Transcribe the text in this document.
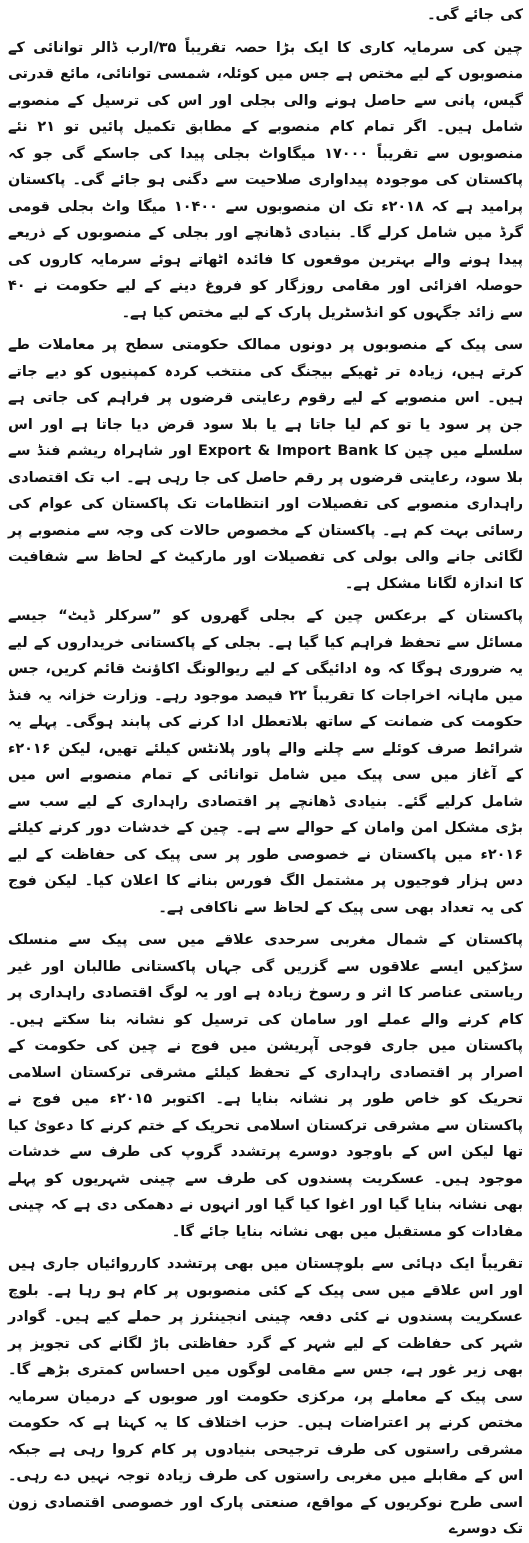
کی جائے گی۔

چین کی سرمایہ کاری کا ایک بڑا حصہ تقریباً ۳۵/ارب ڈالر توانائی کے منصوبوں کے لیے مختص ہے جس میں کوئلہ، شمسی توانائی، مائع قدرتی گیس، پانی سے حاصل ہونے والی بجلی اور اس کی ترسیل کے منصوبے شامل ہیں۔ اگر تمام کام منصوبے کے مطابق تکمیل پائیں تو ۲۱ نئے منصوبوں سے تقریباً ۱۷۰۰۰ میگاواٹ بجلی پیدا کی جاسکے گی جو کہ پاکستان کی موجودہ پیداواری صلاحیت سے دگنی ہو جائے گی۔ پاکستان پرامید ہے کہ ۲۰۱۸ء تک ان منصوبوں سے ۱۰۴۰۰ میگا واٹ بجلی قومی گرڈ میں شامل کرلے گا۔ بنیادی ڈھانچے اور بجلی کے منصوبوں کے ذریعے پیدا ہونے والے بہترین موقعوں کا فائدہ اٹھاتے ہوئے سرمایہ کاروں کی حوصلہ افزائی اور مقامی روزگار کو فروغ دینے کے لیے حکومت نے ۴۰ سے زائد جگہوں کو انڈسٹریل پارک کے لیے مختص کیا ہے۔

سی پیک کے منصوبوں پر دونوں ممالک حکومتی سطح پر معاملات طے کرتے ہیں، زیادہ تر ٹھیکے بیجنگ کی منتخب کردہ کمپنیوں کو دیے جاتے ہیں۔ اس منصوبے کے لیے رقوم رعایتی قرضوں پر فراہم کی جاتی ہے جن پر سود یا تو کم لیا جاتا ہے یا بلا سود قرض دیا جاتا ہے اور اس سلسلے میں چین کا Export & Import Bank اور شاہراہ ریشم فنڈ سے بلا سود، رعایتی قرضوں پر رقم حاصل کی جا رہی ہے۔ اب تک اقتصادی راہداری منصوبے کی تفصیلات اور انتظامات تک پاکستان کی عوام کی رسائی بہت کم ہے۔ پاکستان کے مخصوص حالات کی وجہ سے منصوبے پر لگائی جانے والی بولی کی تفصیلات اور مارکیٹ کے لحاظ سے شفافیت کا اندازہ لگانا مشکل ہے۔

پاکستان کے برعکس چین کے بجلی گھروں کو ”سرکلر ڈیٹ“ جیسے مسائل سے تحفظ فراہم کیا گیا ہے۔ بجلی کے پاکستانی خریداروں کے لیے یہ ضروری ہوگا کہ وہ ادائیگی کے لیے ریوالونگ اکاؤنٹ قائم کریں، جس میں ماہانہ اخراجات کا تقریباً ۲۲ فیصد موجود رہے۔ وزارت خزانہ یہ فنڈ حکومت کی ضمانت کے ساتھ بلاتعطل ادا کرنے کی پابند ہوگی۔ پہلے یہ شرائط صرف کوئلے سے چلنے والے پاور پلانٹس کیلئے تھیں، لیکن ۲۰۱۶ء کے آغاز میں سی پیک میں شامل توانائی کے تمام منصوبے اس میں شامل کرلیے گئے۔ بنیادی ڈھانچے پر اقتصادی راہداری کے لیے سب سے بڑی مشکل امن وامان کے حوالے سے ہے۔ چین کے خدشات دور کرنے کیلئے ۲۰۱۶ء میں پاکستان نے خصوصی طور پر سی پیک کی حفاظت کے لیے دس ہزار فوجیوں پر مشتمل الگ فورس بنانے کا اعلان کیا۔ لیکن فوج کی یہ تعداد بھی سی پیک کے لحاظ سے ناکافی ہے۔

پاکستان کے شمال مغربی سرحدی علاقے میں سی پیک سے منسلک سڑکیں ایسے علاقوں سے گزریں گی جہاں پاکستانی طالبان اور غیر ریاستی عناصر کا اثر و رسوخ زیادہ ہے اور یہ لوگ اقتصادی راہداری پر کام کرنے والے عملے اور سامان کی ترسیل کو نشانہ بنا سکتے ہیں۔ پاکستان میں جاری فوجی آپریشن میں فوج نے چین کی حکومت کے اصرار پر اقتصادی راہداری کے تحفظ کیلئے مشرقی ترکستان اسلامی تحریک کو خاص طور پر نشانہ بنایا ہے۔ اکتوبر ۲۰۱۵ء میں فوج نے پاکستان سے مشرقی ترکستان اسلامی تحریک کے ختم کرنے کا دعویٰ کیا تھا لیکن اس کے باوجود دوسرے پرتشدد گروپ کی طرف سے خدشات موجود ہیں۔ عسکریت پسندوں کی طرف سے چینی شہریوں کو پہلے بھی نشانہ بنایا گیا اور اغوا کیا گیا اور انہوں نے دھمکی دی ہے کہ چینی مفادات کو مستقبل میں بھی نشانہ بنایا جائے گا۔

تقریباً ایک دہائی سے بلوچستان میں بھی پرتشدد کارروائیاں جاری ہیں اور اس علاقے میں سی پیک کے کئی منصوبوں پر کام ہو رہا ہے۔ بلوچ عسکریت پسندوں نے کئی دفعہ چینی انجینئرز پر حملے کیے ہیں۔ گوادر شہر کی حفاظت کے لیے شہر کے گرد حفاظتی باڑ لگانے کی تجویز پر بھی زیر غور ہے، جس سے مقامی لوگوں میں احساس کمتری بڑھے گا۔ سی پیک کے معاملے پر، مرکزی حکومت اور صوبوں کے درمیان سرمایہ مختص کرنے پر اعتراضات ہیں۔ حزب اختلاف کا یہ کہنا ہے کہ حکومت مشرقی راستوں کی طرف ترجیحی بنیادوں پر کام کروا رہی ہے جبکہ اس کے مقابلے میں مغربی راستوں کی طرف زیادہ توجہ نہیں دے رہی۔ اسی طرح نوکریوں کے مواقع، صنعتی پارک اور خصوصی اقتصادی زون تک دوسرے
